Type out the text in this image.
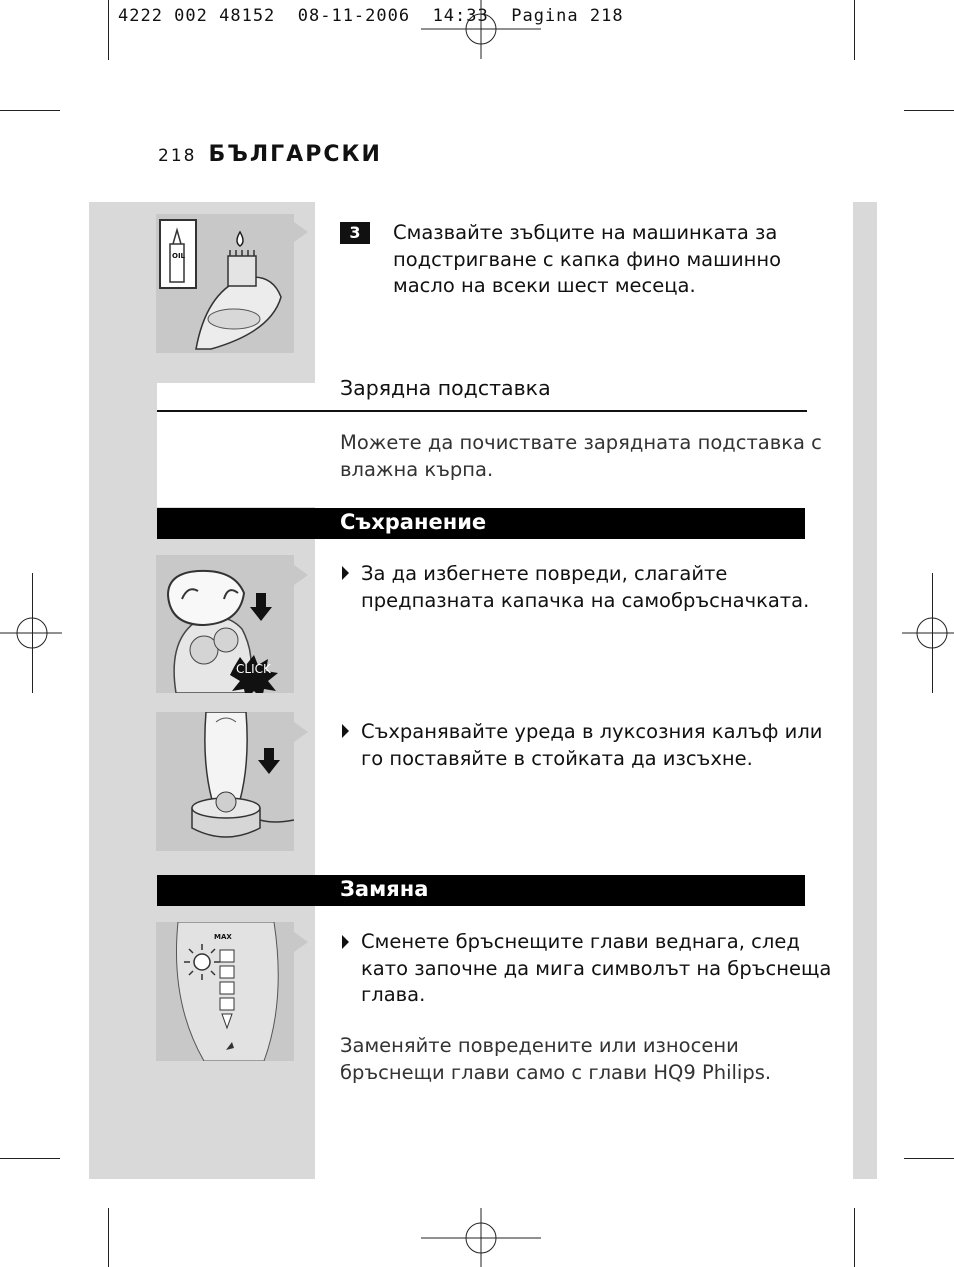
4222 002 48152  08-11-2006  14:33  Pagina 218
218 БЪЛГАРСКИ
OIL
3	Смазвайте зъбците на машинката за
подстригване с капка фино машинно
масло на всеки шест месеца.
Зарядна подставка
Можете да почиствате зарядната подставка с
влажна кърпа.
Съхранение
CLICK
За да избегнете повреди, слагайте
предпазната капачка на самобръсначката.
Съхранявайте уреда в луксозния калъф или
го поставяйте в стойката да изсъхне.
Замяна
MAX	Сменете бръснещите глави веднага, след
като започне да мига символът на бръснеща
глава.
Заменяйте повредените или износени
бръснещи глави само с глави HQ9 Philips.
